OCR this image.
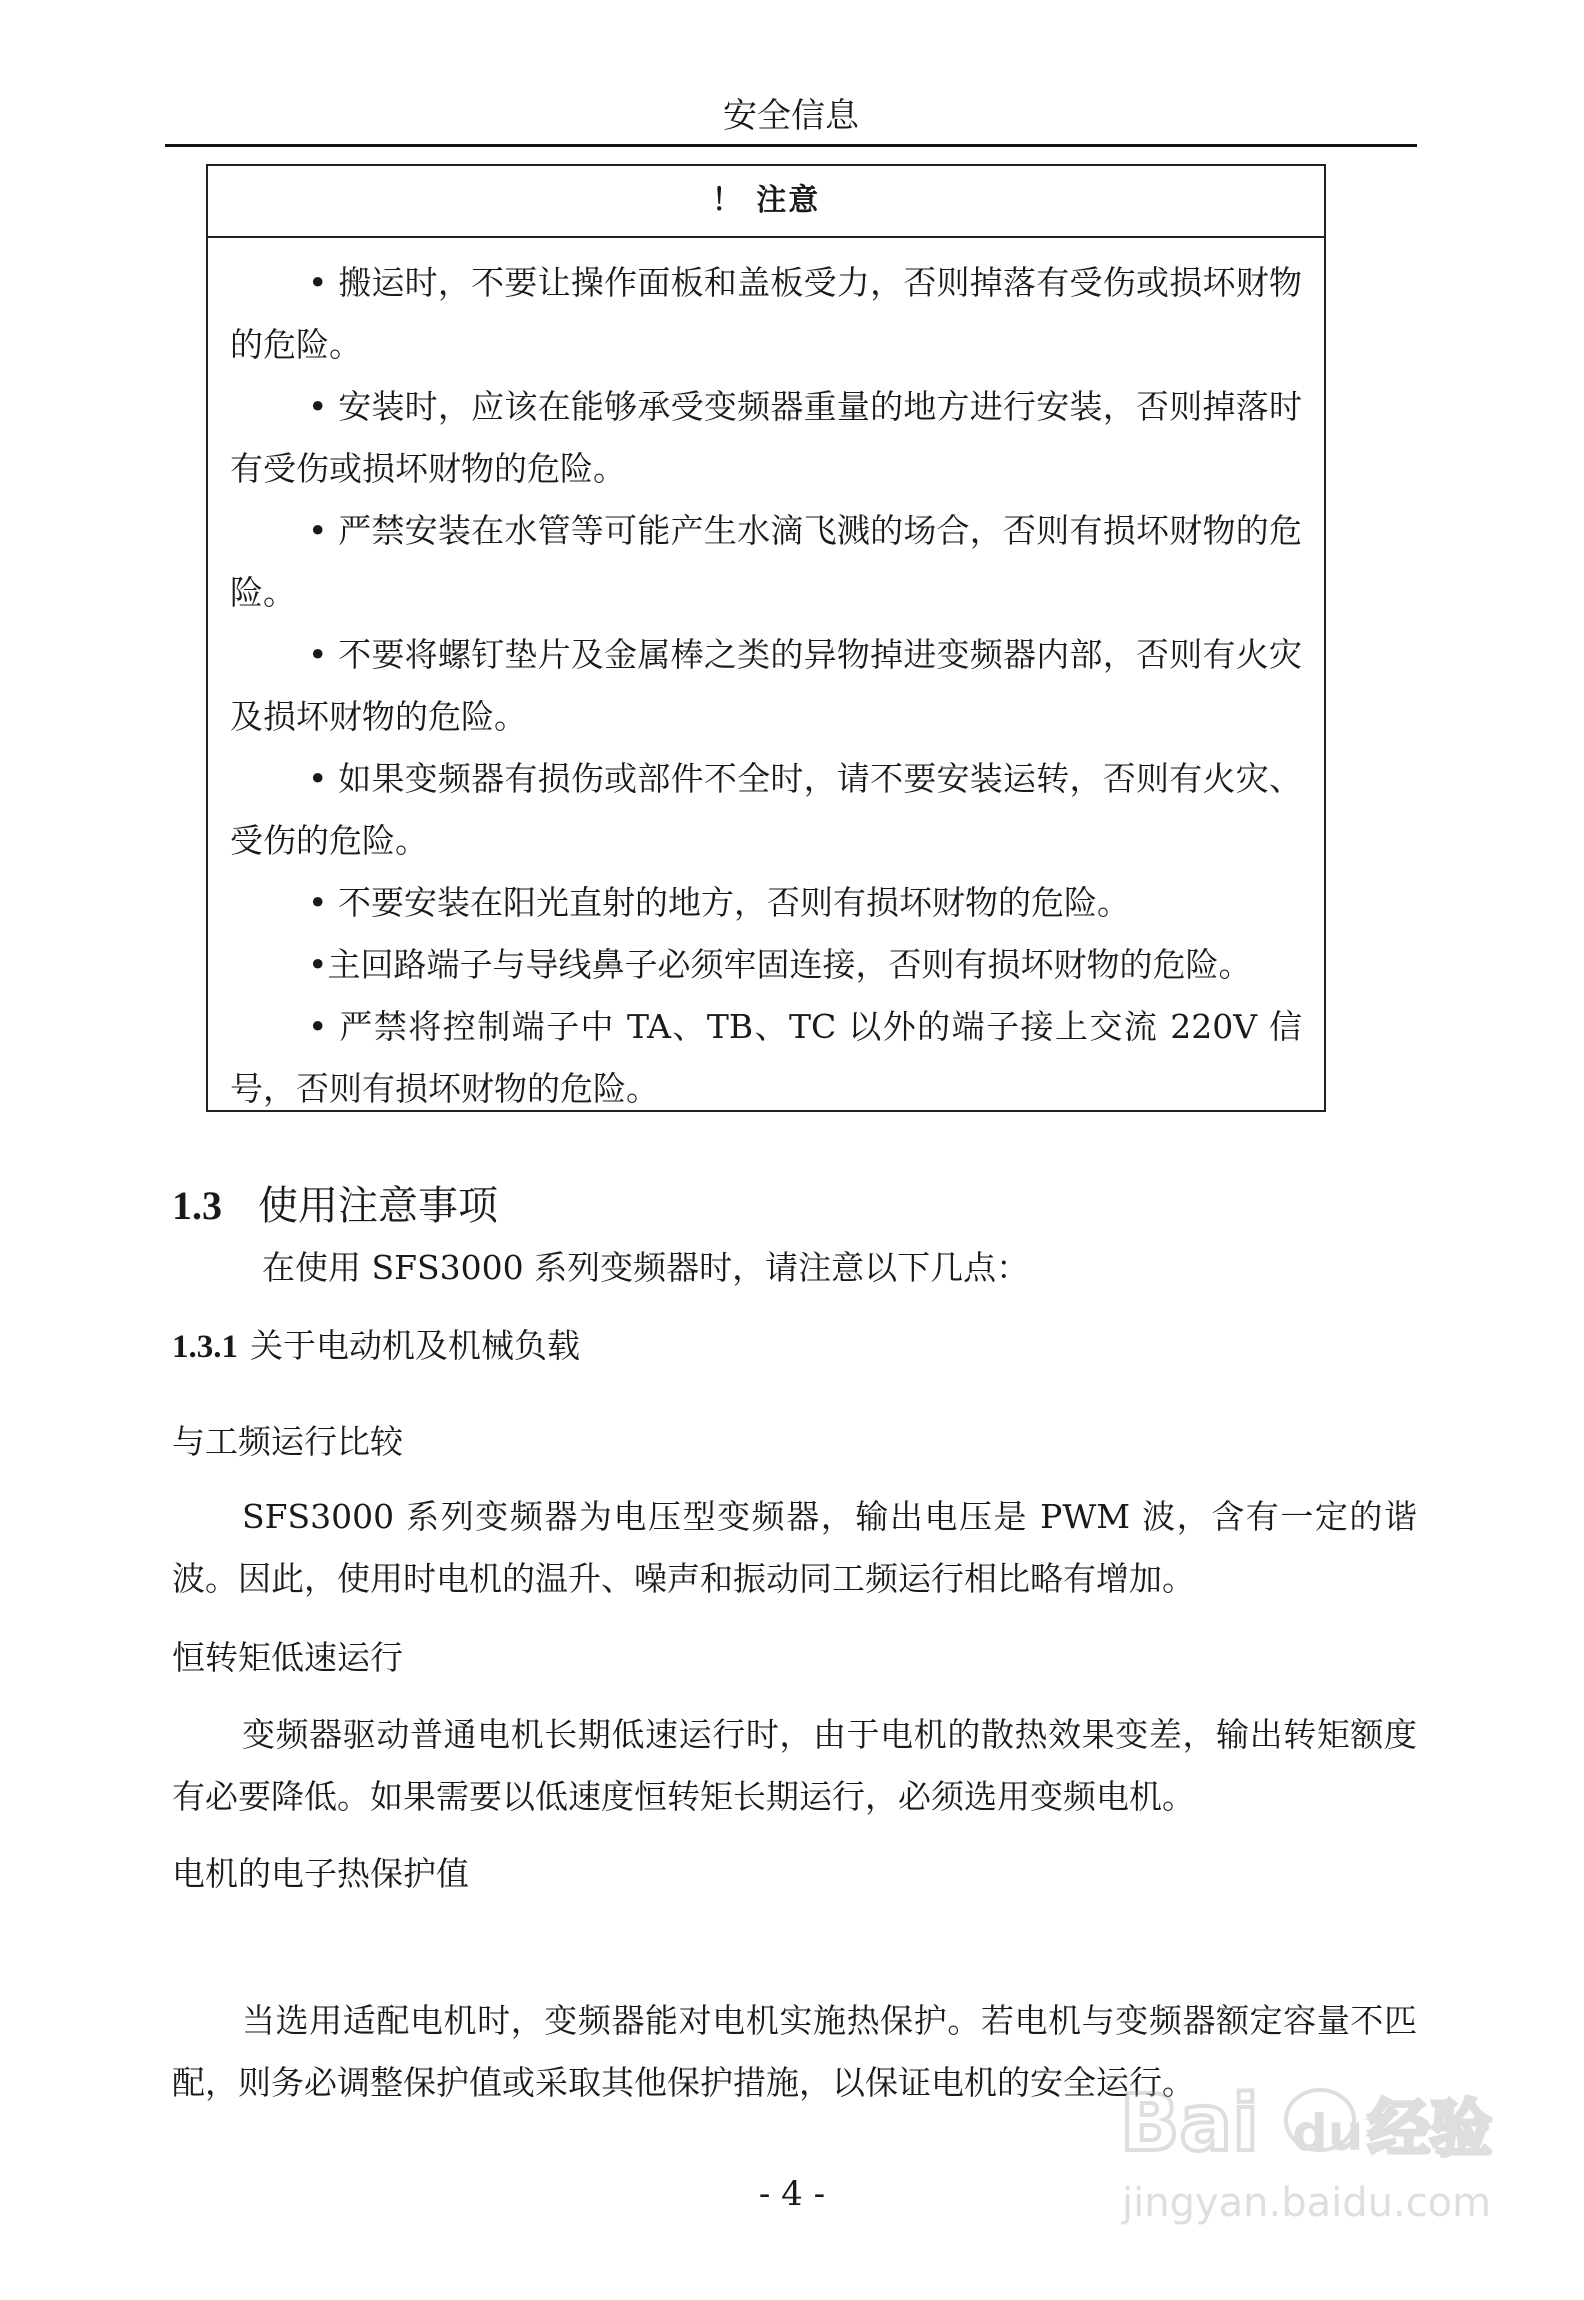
安全信息
！ 注意

• 搬运时，不要让操作面板和盖板受力，否则掉落有受伤或损坏财物的危险。

• 安装时，应该在能够承受变频器重量的地方进行安装，否则掉落时有受伤或损坏财物的危险。

• 严禁安装在水管等可能产生水滴飞溅的场合，否则有损坏财物的危险。

• 不要将螺钉垫片及金属棒之类的异物掉进变频器内部，否则有火灾及损坏财物的危险。

• 如果变频器有损伤或部件不全时，请不要安装运转，否则有火灾、受伤的危险。

• 不要安装在阳光直射的地方，否则有损坏财物的危险。

•主回路端子与导线鼻子必须牢固连接，否则有损坏财物的危险。

• 严禁将控制端子中 TA、TB、TC 以外的端子接上交流 220V 信号，否则有损坏财物的危险。

1.3 使用注意事项
在使用 SFS3000 系列变频器时，请注意以下几点：
1.3.1 关于电动机及机械负载
与工频运行比较

SFS3000 系列变频器为电压型变频器，输出电压是 PWM 波，含有一定的谐波。因此，使用时电机的温升、噪声和振动同工频运行相比略有增加。

恒转矩低速运行

变频器驱动普通电机长期低速运行时，由于电机的散热效果变差，输出转矩额度有必要降低。如果需要以低速度恒转矩长期运行，必须选用变频电机。

电机的电子热保护值

当选用适配电机时，变频器能对电机实施热保护。若电机与变频器额定容量不匹配，则务必调整保护值或采取其他保护措施，以保证电机的安全运行。

- 4 -
Bai du 经验
jingyan.baidu.com
